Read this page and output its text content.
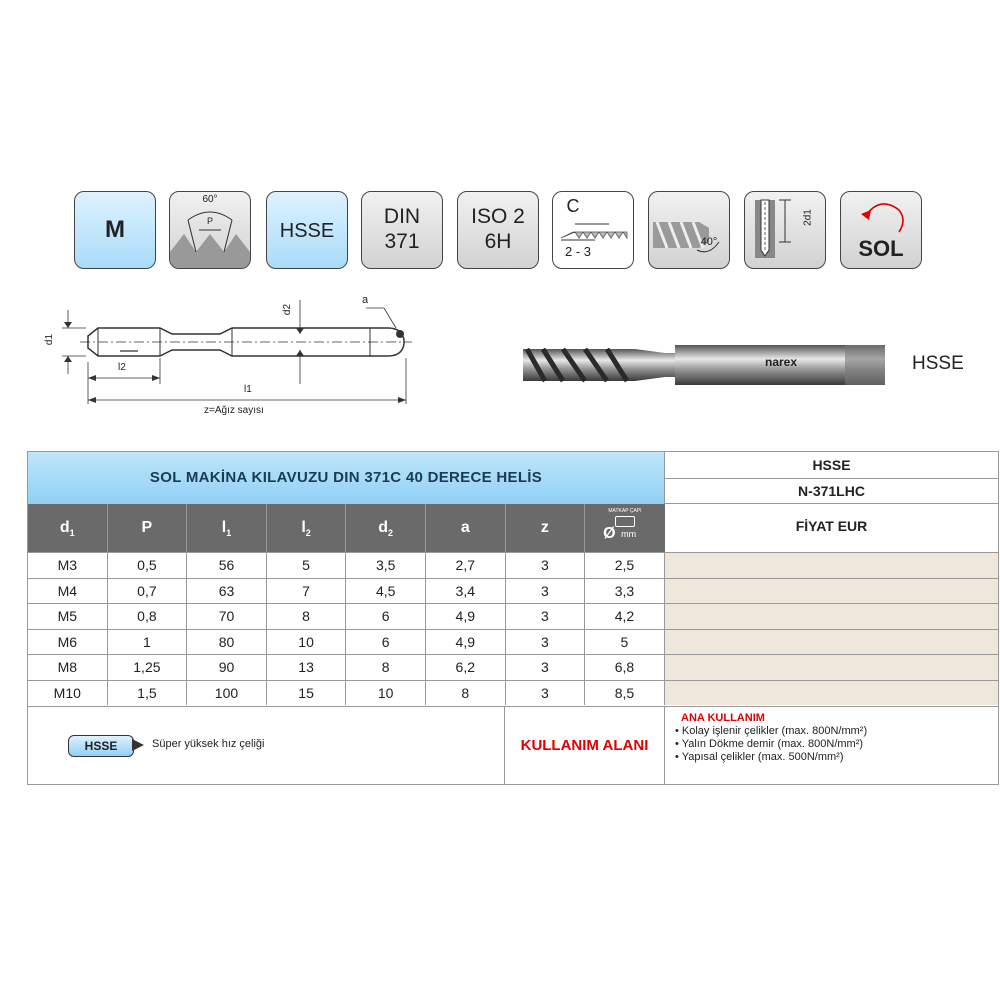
M
60°
P	HSSE
DIN
371
ISO 2
6H
C
2 - 3
40°
2d1
SOL
d1
d2
a
l2
l1
z=Ağız sayısı
narex	HSSE
SOL MAKİNA KILAVUZU DIN 371C 40 DERECE HELİS
HSSE
N-371LHC
$d_1$	P	$l_1$	$l_2$	$d_2$	a	z
MATKAP ÇAPI
Ø mm	FİYAT EUR
M3	0,5	56	5	3,5	2,7	3	2,5
M4	0,7	63	7	4,5	3,4	3	3,3
M5	0,8	70	8	6	4,9	3	4,2
M6	1	80	10	6	4,9	3	5
M8	1,25	90	13	8	6,2	3	6,8
M10	1,5	100	15	10	8	3	8,5
HSSE	Süper yüksek hız çeliği	KULLANIM ALANI
ANA KULLANIM
• Kolay işlenir çelikler (max. 800N/mm²)
• Yalın Dökme demir (max. 800N/mm²)
• Yapısal çelikler (max. 500N/mm²)
